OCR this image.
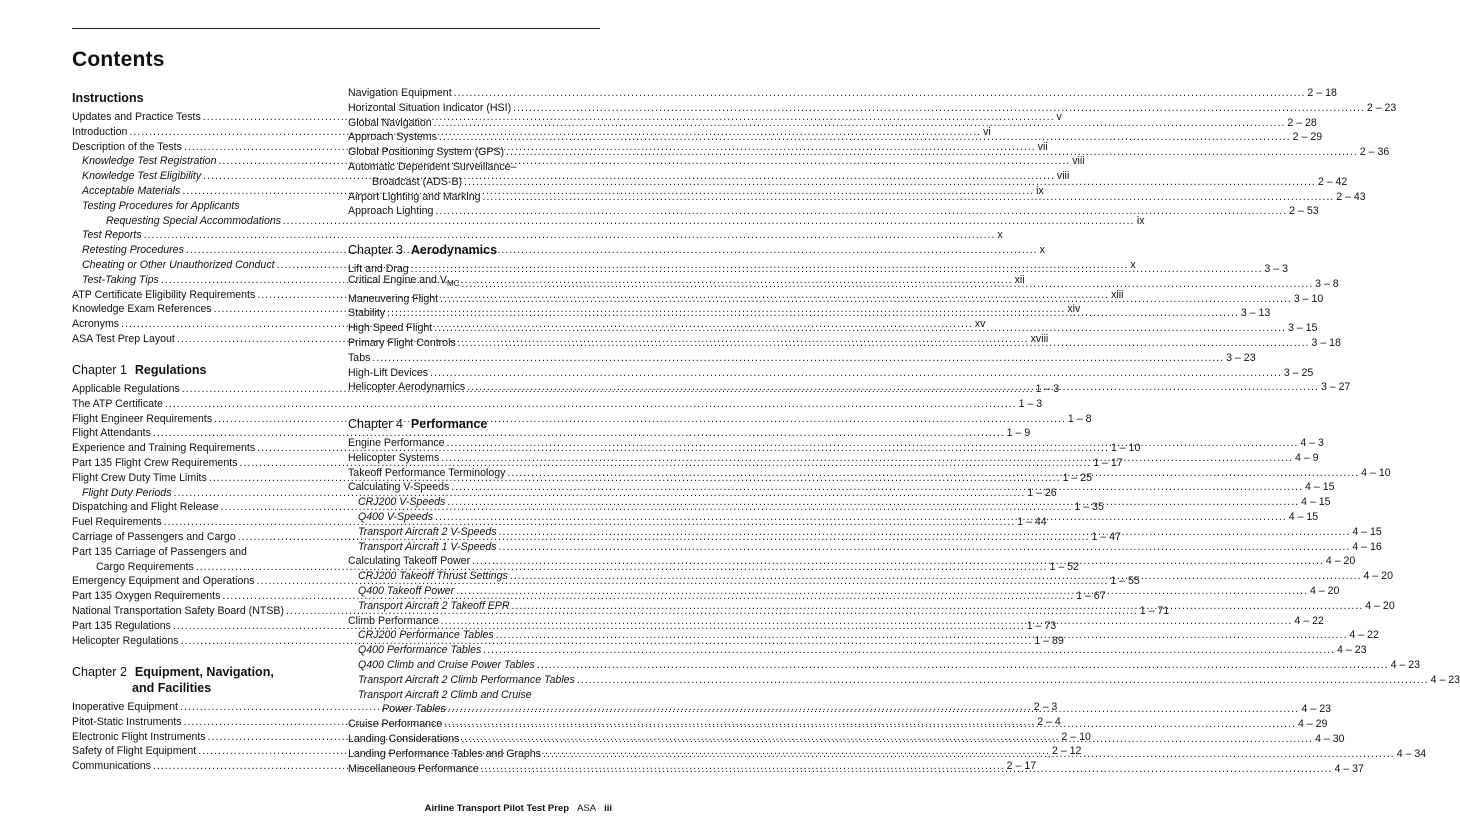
Contents
Instructions
Updates and Practice Tests .....	v
Introduction .....	vi
Description of the Tests .....	vii
Knowledge Test Registration .....	viii
Knowledge Test Eligibility .....	viii
Acceptable Materials .....	ix
Testing Procedures for Applicants
Requesting Special Accommodations .....	ix
Test Reports .....	x
Retesting Procedures .....	x
Cheating or Other Unauthorized Conduct .....	x
Test-Taking Tips .....	xii
ATP Certificate Eligibility Requirements .....	xiii
Knowledge Exam References .....	xiv
Acronyms .....	xv
ASA Test Prep Layout .....	xviii
Chapter 1 Regulations
Applicable Regulations .....	1 – 3
The ATP Certificate .....	1 – 3
Flight Engineer Requirements .....	1 – 8
Flight Attendants .....	1 – 9
Experience and Training Requirements .....	1 – 10
Part 135 Flight Crew Requirements .....	1 – 17
Flight Crew Duty Time Limits .....	1 – 25
Flight Duty Periods .....	1 – 26
Dispatching and Flight Release .....	1 – 35
Fuel Requirements .....	1 – 44
Carriage of Passengers and Cargo .....	1 – 47
Part 135 Carriage of Passengers and
Cargo Requirements .....	1 – 52
Emergency Equipment and Operations .....	1 – 55
Part 135 Oxygen Requirements .....	1 – 67
National Transportation Safety Board (NTSB) .....	1 – 71
Part 135 Regulations .....	1 – 73
Helicopter Regulations .....	1 – 89
Chapter 2 Equipment, Navigation,
and Facilities
Inoperative Equipment .....	2 – 3
Pitot-Static Instruments .....	2 – 4
Electronic Flight Instruments .....	2 – 10
Safety of Flight Equipment .....	2 – 12
Communications .....	2 – 17
Navigation Equipment .....	2 – 18
Horizontal Situation Indicator (HSI) .....	2 – 23
Global Navigation .....	2 – 28
Approach Systems .....	2 – 29
Global Positioning System (GPS) .....	2 – 36
Automatic Dependent Surveillance–
Broadcast (ADS-B) .....	2 – 42
Airport Lighting and Marking .....	2 – 43
Approach Lighting .....	2 – 53
Chapter 3 Aerodynamics
Lift and Drag .....	3 – 3
Critical Engine and $V_{MC}$ .....	3 – 8
Maneuvering Flight .....	3 – 10
Stability .....	3 – 13
High Speed Flight .....	3 – 15
Primary Flight Controls .....	3 – 18
Tabs .....	3 – 23
High-Lift Devices .....	3 – 25
Helicopter Aerodynamics .....	3 – 27
Chapter 4 Performance
Engine Performance .....	4 – 3
Helicopter Systems .....	4 – 9
Takeoff Performance Terminology .....	4 – 10
Calculating V-Speeds .....	4 – 15
CRJ200 V-Speeds .....	4 – 15
Q400 V-Speeds .....	4 – 15
Transport Aircraft 2 V-Speeds .....	4 – 15
Transport Aircraft 1 V-Speeds .....	4 – 16
Calculating Takeoff Power .....	4 – 20
CRJ200 Takeoff Thrust Settings .....	4 – 20
Q400 Takeoff Power .....	4 – 20
Transport Aircraft 2 Takeoff EPR .....	4 – 20
Climb Performance .....	4 – 22
CRJ200 Performance Tables .....	4 – 22
Q400 Performance Tables .....	4 – 23
Q400 Climb and Cruise Power Tables .....	4 – 23
Transport Aircraft 2 Climb Performance Tables .....	4 – 23
Transport Aircraft 2 Climb and Cruise
Power Tables .....	4 – 23
Cruise Performance .....	4 – 29
Landing Considerations .....	4 – 30
Landing Performance Tables and Graphs .....	4 – 34
Miscellaneous Performance .....	4 – 37
Airline Transport Pilot Test Prep ASA iii
